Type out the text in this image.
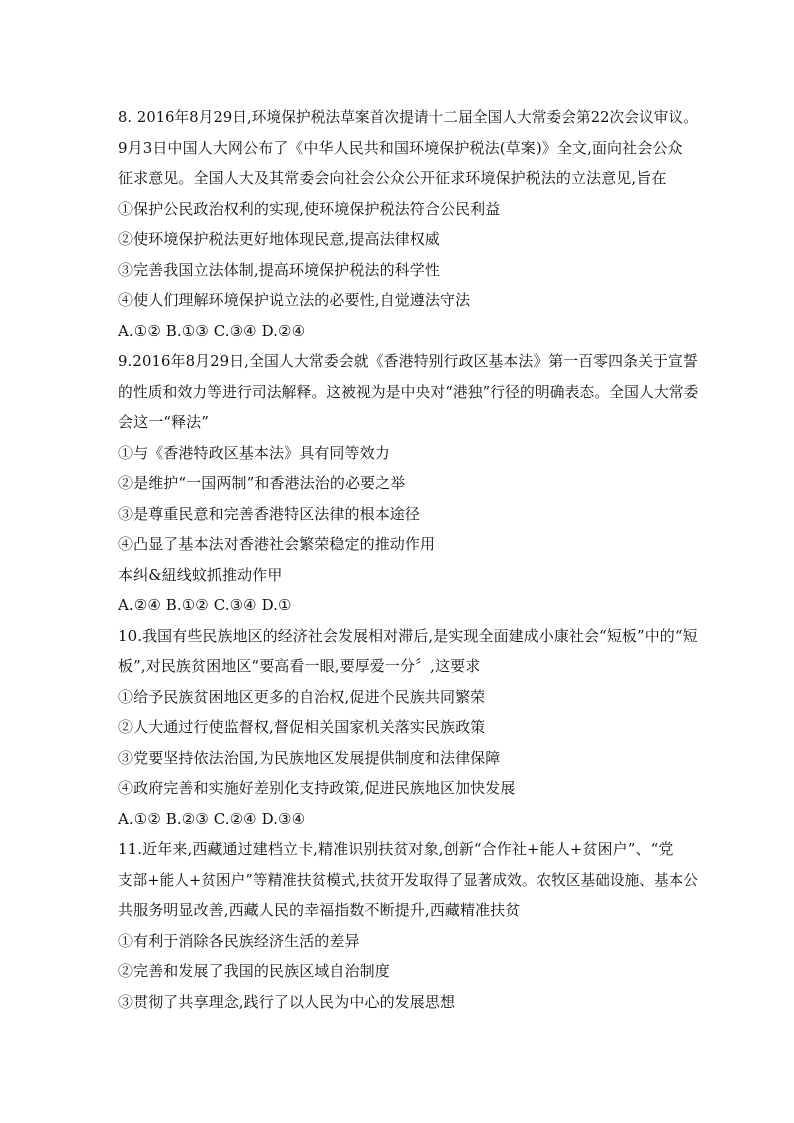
8. 2016年8月29日,环境保护税法草案首次提请十二届全国人大常委会第22次会议审议。
9月3日中国人大网公布了《中华人民共和国环境保护税法(草案)》全文,面向社会公众
征求意见。全国人大及其常委会向社会公众公开征求环境保护税法的立法意见,旨在
①保护公民政治权利的实现,使环境保护税法符合公民利益
②使环境保护税法更好地体现民意,提高法律权威
③完善我国立法体制,提高环境保护税法的科学性
④使人们理解环境保护说立法的必要性,自觉遵法守法
A.①② B.①③ C.③④ D.②④
9.2016年8月29日,全国人大常委会就《香港特别行政区基本法》第一百零四条关于宣誓
的性质和效力等进行司法解释。这被视为是中央对“港独”行径的明确表态。全国人大常委
会这一“释法”
①与《香港特政区基本法》具有同等效力
②是维护“一国两制”和香港法治的必要之举
③是尊重民意和完善香港特区法律的根本途径
④凸显了基本法对香港社会繁荣稳定的推动作用
本纠&紐线蚊抓推动作甲
A.②④ B.①② C.③④ D.①
10.我国有些民族地区的经济社会发展相对滞后,是实现全面建成小康社会“短板”中的“短
板”,对民族贫困地区“要高看一眼,要厚爱一分〞,这要求
①给予民族贫困地区更多的自治权,促进个民族共同繁荣
②人大通过行使监督权,督促相关国家机关落实民族政策
③党要坚持依法治国,为民族地区发展提供制度和法律保障
④政府完善和实施好差别化支持政策,促进民族地区加快发展
A.①② B.②③ C.②④ D.③④
11.近年来,西藏通过建档立卡,精准识别扶贫对象,创新“合作社+能人+贫困户”、“党
支部+能人+贫困户”等精准扶贫模式,扶贫开发取得了显著成效。农牧区基础设施、基本公
共服务明显改善,西藏人民的幸福指数不断提升,西藏精准扶贫
①有利于消除各民族经济生活的差异
②完善和发展了我国的民族区域自治制度
③贯彻了共享理念,践行了以人民为中心的发展思想
